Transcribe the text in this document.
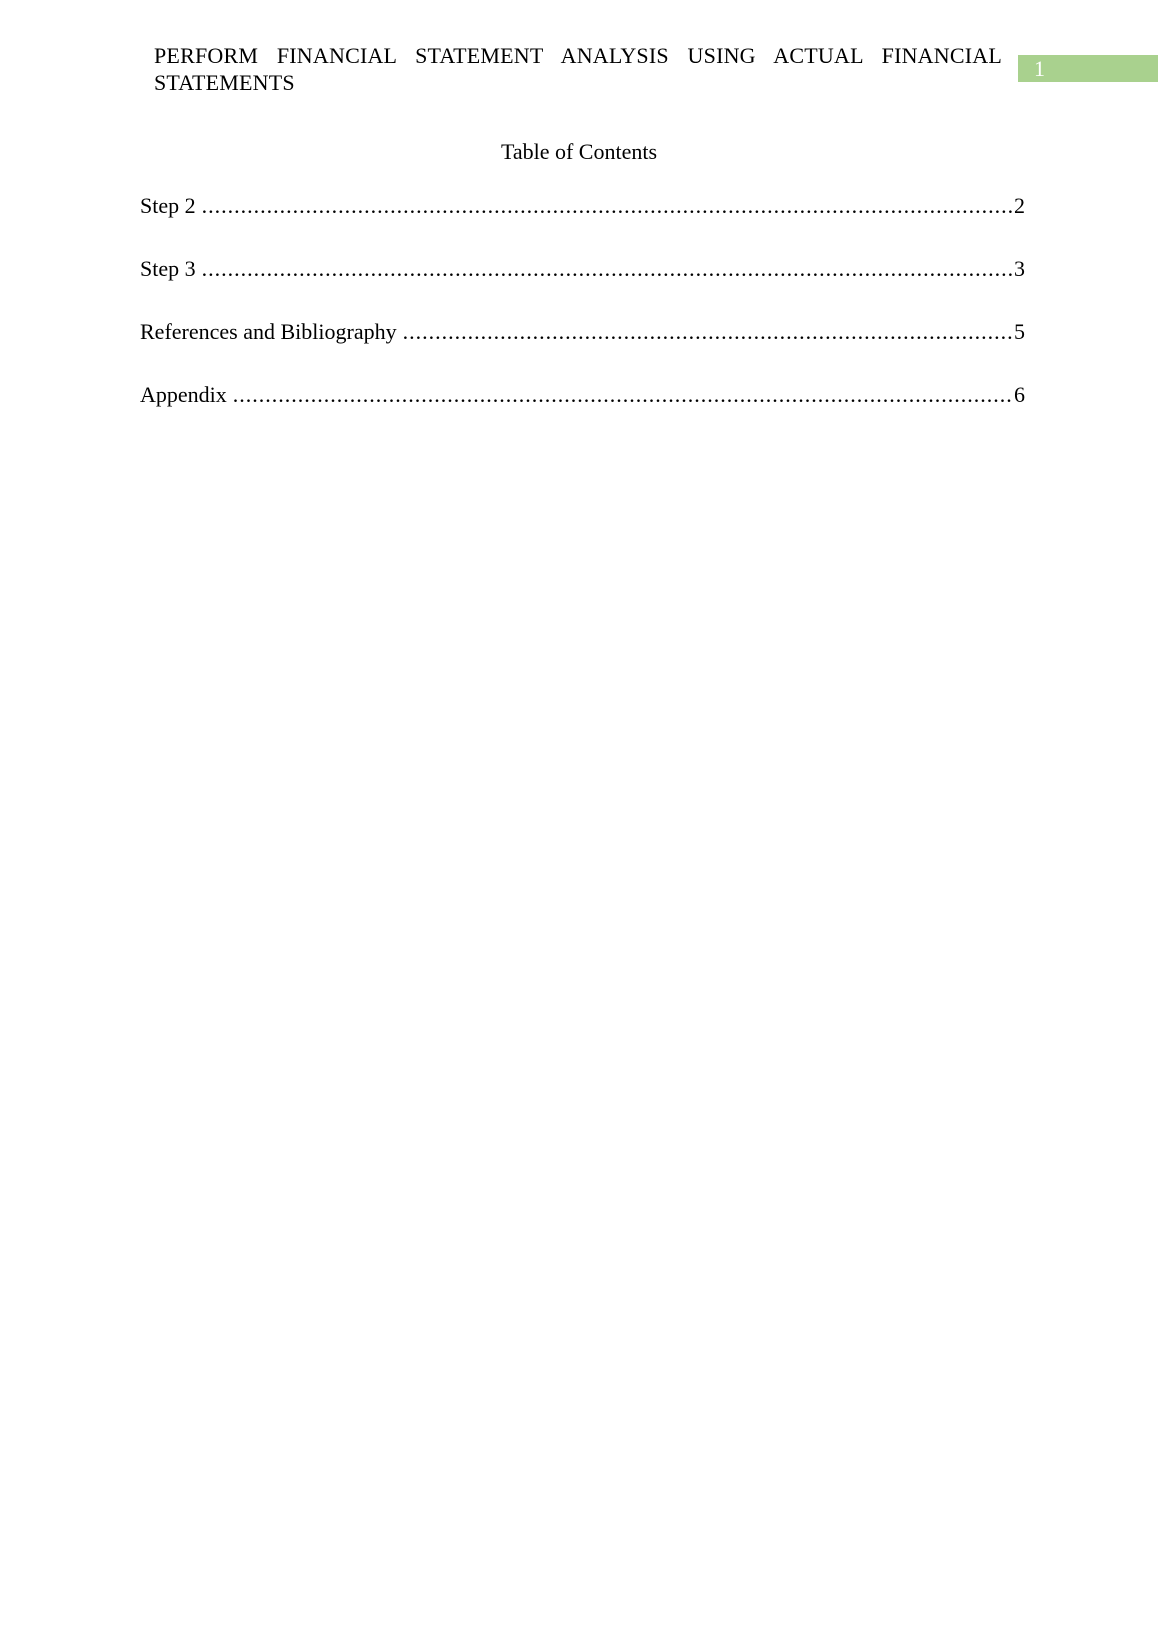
PERFORM FINANCIAL STATEMENT ANALYSIS USING ACTUAL FINANCIAL STATEMENTS
1
Table of Contents
Step 2 .....	2
Step 3 .....	3
References and Bibliography .....	5
Appendix .....	6
